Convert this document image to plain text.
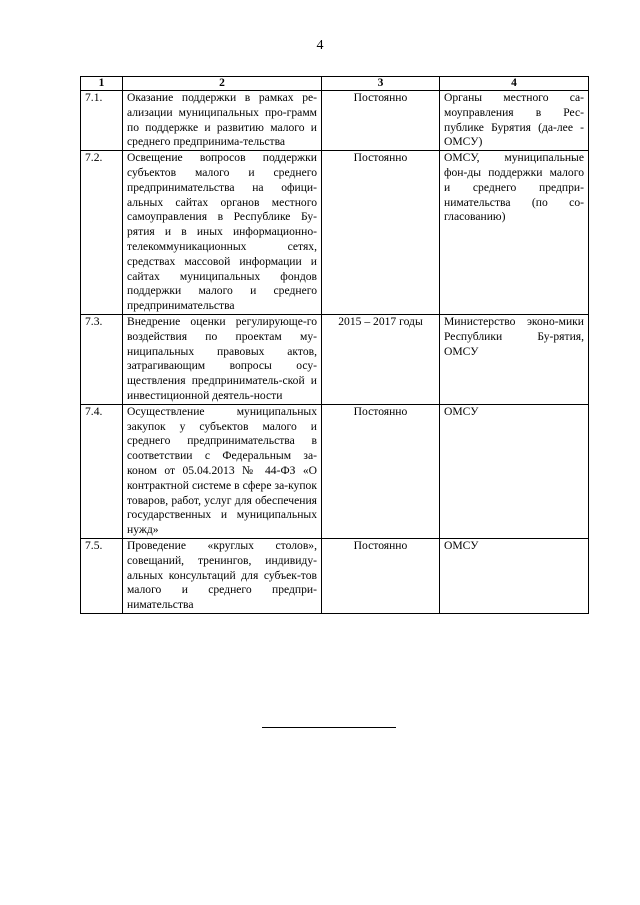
4
1	2	3	4
7.1.	Оказание поддержки в рамках ре-ализации муниципальных про-грамм по поддержке и развитию малого и среднего предпринима-тельства	Постоянно	Органы местного са-моуправления в Рес-публике Бурятия (да-лее - ОМСУ)
7.2.	Освещение вопросов поддержки субъектов малого и среднего предпринимательства на офици-альных сайтах органов местного самоуправления в Республике Бу-рятия и в иных информационно-телекоммуникационных сетях, средствах массовой информации и сайтах муниципальных фондов поддержки малого и среднего предпринимательства	Постоянно	ОМСУ, муниципальные фон-ды поддержки малого и среднего предпри-нимательства (по со-гласованию)
7.3.	Внедрение оценки регулирующе-го воздействия по проектам му-ниципальных правовых актов, затрагивающим вопросы осу-ществления предприниматель-ской и инвестиционной деятель-ности	2015 – 2017 годы	Министерство эконо-мики Республики Бу-рятия, ОМСУ
7.4.	Осуществление муниципальных закупок у субъектов малого и среднего предпринимательства в соответствии с Федеральным за-коном от 05.04.2013 № 44-ФЗ «О контрактной системе в сфере за-купок товаров, работ, услуг для обеспечения государственных и муниципальных нужд»	Постоянно	ОМСУ
7.5.	Проведение «круглых столов», совещаний, тренингов, индивиду-альных консультаций для субъек-тов малого и среднего предпри-нимательства	Постоянно	ОМСУ
